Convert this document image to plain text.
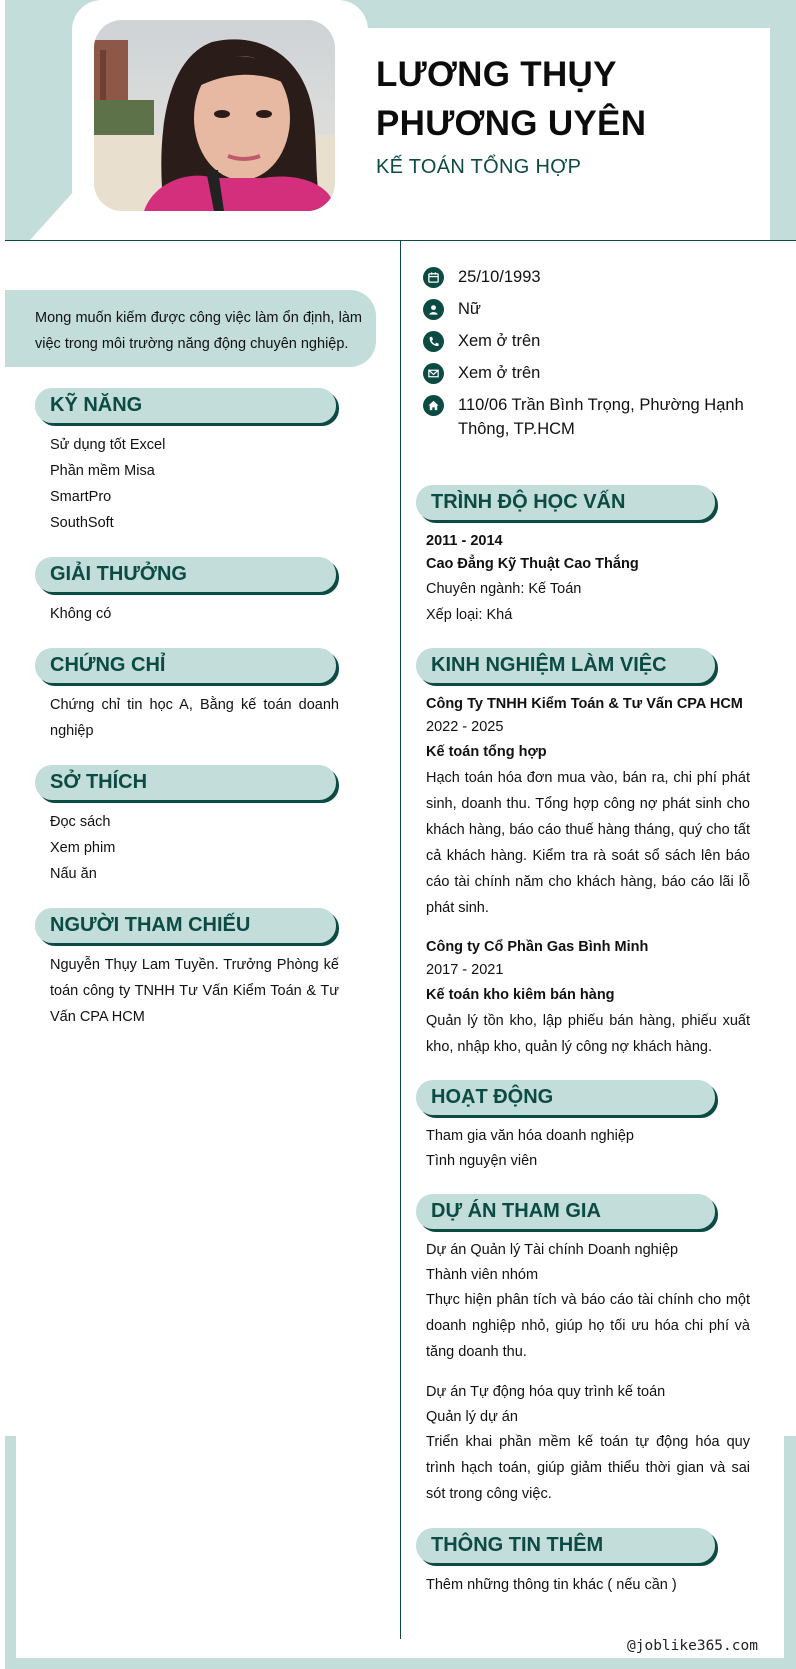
LƯƠNG THỤY
PHƯƠNG UYÊN
KẾ TOÁN TỔNG HỢP
Mong muốn kiếm được công việc làm ổn định, làm việc trong môi trường năng động chuyên nghiệp.
KỸ NĂNG
Sử dụng tốt Excel
Phần mềm Misa
SmartPro
SouthSoft
GIẢI THƯỞNG
Không có
CHỨNG CHỈ
Chứng chỉ tin học A, Bằng kế toán doanh nghiệp
SỞ THÍCH
Đọc sách
Xem phim
Nấu ăn
NGƯỜI THAM CHIẾU
Nguyễn Thụy Lam Tuyền. Trưởng Phòng kế toán công ty TNHH Tư Vấn Kiểm Toán & Tư Vấn CPA HCM
25/10/1993
Nữ
Xem ở trên
Xem ở trên
110/06 Trần Bình Trọng, Phường Hạnh Thông, TP.HCM
TRÌNH ĐỘ HỌC VẤN
2011 - 2014
Cao Đẳng Kỹ Thuật Cao Thắng
Chuyên ngành: Kế Toán
Xếp loại: Khá
KINH NGHIỆM LÀM VIỆC
Công Ty TNHH Kiểm Toán & Tư Vấn CPA HCM
2022 - 2025
Kế toán tổng hợp
Hạch toán hóa đơn mua vào, bán ra, chi phí phát sinh, doanh thu. Tổng hợp công nợ phát sinh cho khách hàng, báo cáo thuế hàng tháng, quý cho tất cả khách hàng. Kiểm tra rà soát sổ sách lên báo cáo tài chính năm cho khách hàng, báo cáo lãi lỗ phát sinh.
Công ty Cổ Phần Gas Bình Minh
2017 - 2021
Kế toán kho kiêm bán hàng
Quản lý tồn kho, lập phiếu bán hàng, phiếu xuất kho, nhập kho, quản lý công nợ khách hàng.
HOẠT ĐỘNG
Tham gia văn hóa doanh nghiệp
Tình nguyện viên
DỰ ÁN THAM GIA
Dự án Quản lý Tài chính Doanh nghiệp
Thành viên nhóm
Thực hiện phân tích và báo cáo tài chính cho một doanh nghiệp nhỏ, giúp họ tối ưu hóa chi phí và tăng doanh thu.
Dự án Tự động hóa quy trình kế toán
Quản lý dự án
Triển khai phần mềm kế toán tự động hóa quy trình hạch toán, giúp giảm thiểu thời gian và sai sót trong công việc.
THÔNG TIN THÊM
Thêm những thông tin khác ( nếu cần )
@joblike365.com
